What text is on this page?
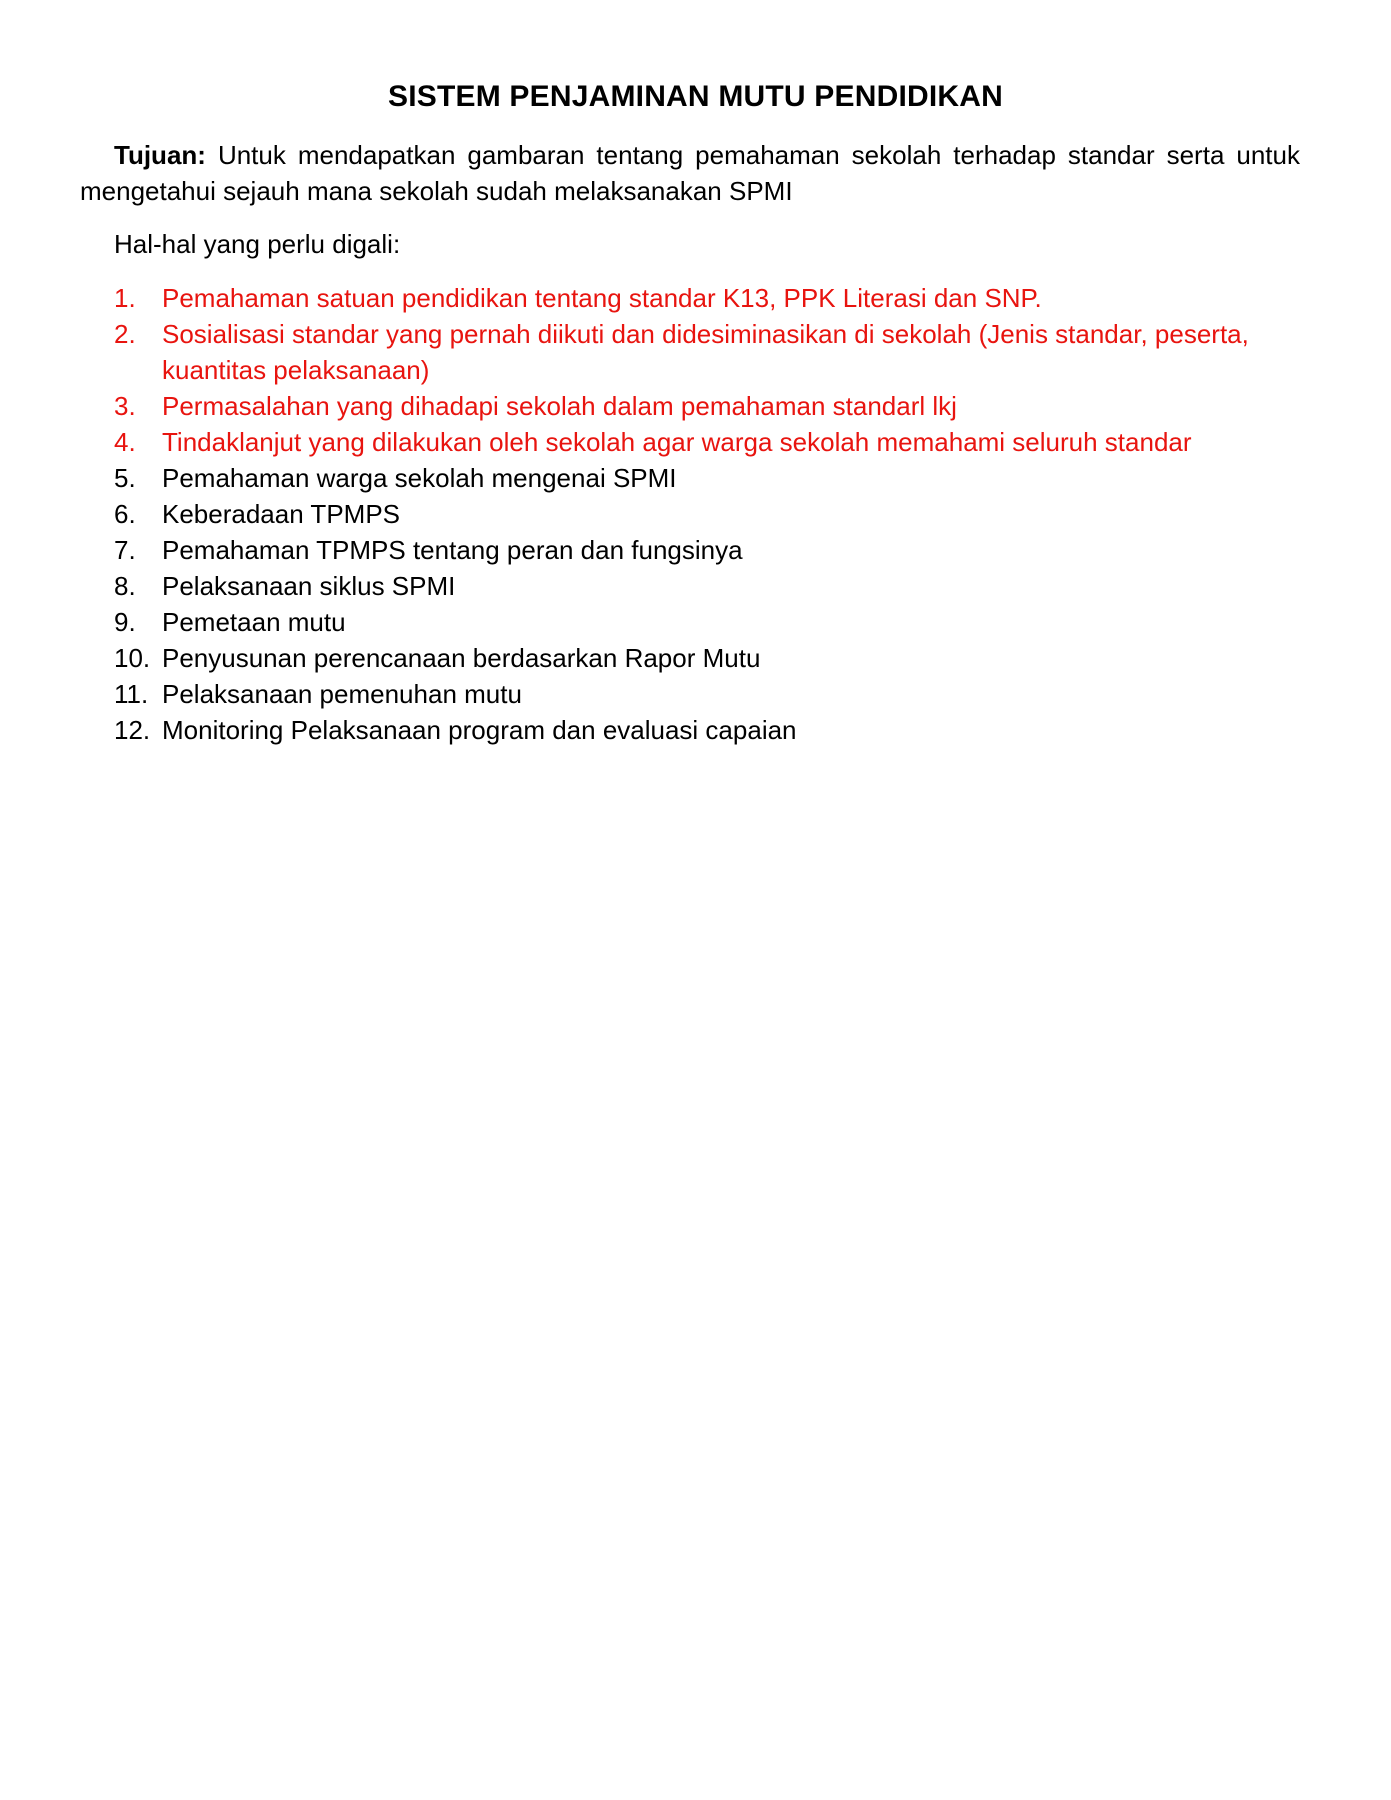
SISTEM PENJAMINAN MUTU PENDIDIKAN

Tujuan: Untuk mendapatkan gambaran tentang pemahaman sekolah terhadap standar serta untuk mengetahui sejauh mana sekolah sudah melaksanakan SPMI

Hal-hal yang perlu digali:

1.	Pemahaman satuan pendidikan tentang standar K13, PPK Literasi dan SNP.
2.	Sosialisasi standar yang pernah diikuti dan didesiminasikan di sekolah (Jenis standar, peserta, kuantitas pelaksanaan)
3.	Permasalahan yang dihadapi sekolah dalam pemahaman standarl lkj
4.	Tindaklanjut yang dilakukan oleh sekolah agar warga sekolah memahami seluruh standar
5.	Pemahaman warga sekolah mengenai SPMI
6.	Keberadaan TPMPS
7.	Pemahaman TPMPS tentang peran dan fungsinya
8.	Pelaksanaan siklus SPMI
9.	Pemetaan mutu
10. Penyusunan perencanaan berdasarkan Rapor Mutu
11. Pelaksanaan pemenuhan mutu
12. Monitoring Pelaksanaan program dan evaluasi capaian
